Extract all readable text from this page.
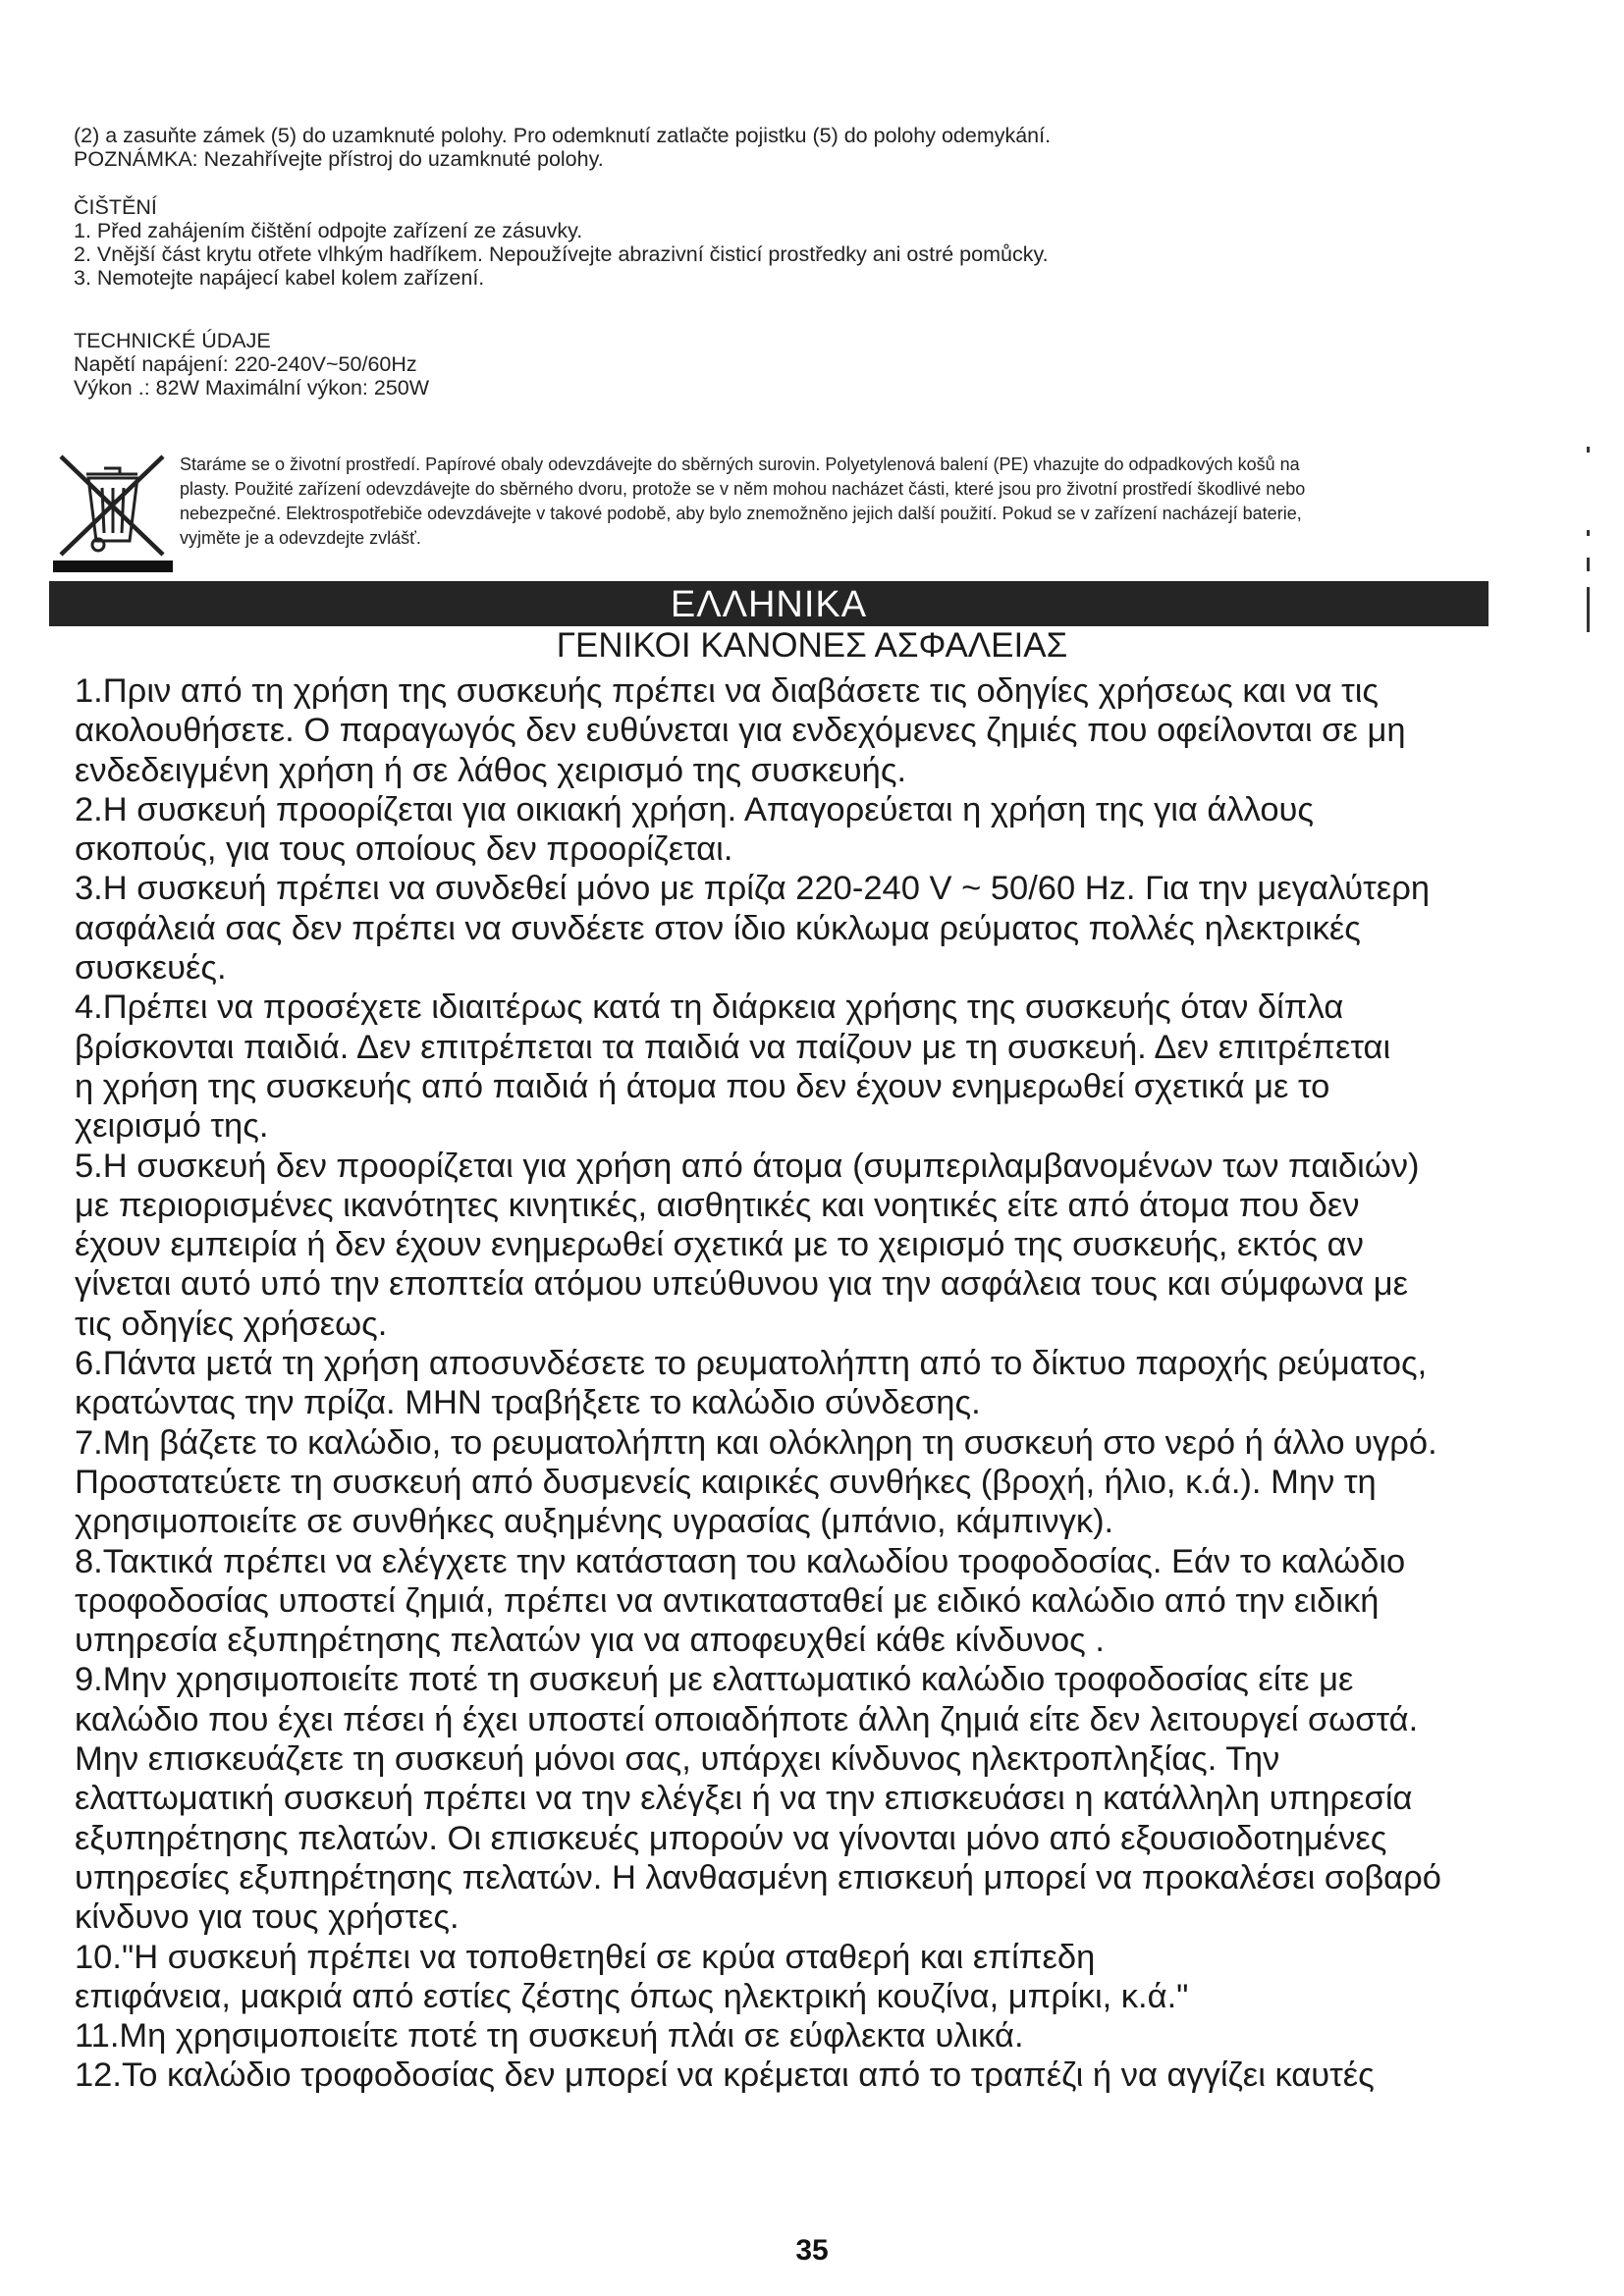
(2) a zasuňte zámek (5) do uzamknuté polohy. Pro odemknutí zatlačte pojistku (5) do polohy odemykání.

POZNÁMKA: Nezahřívejte přístroj do uzamknuté polohy.

ČIŠTĚNÍ

1. Před zahájením čištění odpojte zařízení ze zásuvky.

2. Vnější část krytu otřete vlhkým hadříkem. Nepoužívejte abrazivní čisticí prostředky ani ostré pomůcky.

3. Nemotejte napájecí kabel kolem zařízení.

TECHNICKÉ ÚDAJE

Napětí napájení: 220-240V~50/60Hz

Výkon .: 82W Maximální výkon: 250W

Staráme se o životní prostředí. Papírové obaly odevzdávejte do sběrných surovin. Polyetylenová balení (PE) vhazujte do odpadkových košů na

plasty. Použité zařízení odevzdávejte do sběrného dvoru, protože se v něm mohou nacházet části, které jsou pro životní prostředí škodlivé nebo

nebezpečné. Elektrospotřebiče odevzdávejte v takové podobě, aby bylo znemožněno jejich další použití. Pokud se v zařízení nacházejí baterie,

vyjměte je a odevzdejte zvlášť.

ΕΛΛΗΝΙΚΑ
ΓΕΝΙΚΟΙ ΚΑΝΟΝΕΣ ΑΣΦΑΛΕΙΑΣ

1.Πριν από τη χρήση της συσκευής πρέπει να διαβάσετε τις οδηγίες χρήσεως και να τις

ακολουθήσετε. Ο παραγωγός δεν ευθύνεται για ενδεχόμενες ζημιές που οφείλονται σε μη

ενδεδειγμένη χρήση ή σε λάθος χειρισμό της συσκευής.

2.Η συσκευή προορίζεται για οικιακή χρήση. Απαγορεύεται η χρήση της για άλλους

σκοπούς, για τους οποίους δεν προορίζεται.

3.Η συσκευή πρέπει να συνδεθεί μόνο με πρίζα 220-240 V ~ 50/60 Hz. Για την μεγαλύτερη

ασφάλειά σας δεν πρέπει να συνδέετε στον ίδιο κύκλωμα ρεύματος πολλές ηλεκτρικές

συσκευές.

4.Πρέπει να προσέχετε ιδιαιτέρως κατά τη διάρκεια χρήσης της συσκευής όταν δίπλα

βρίσκονται παιδιά. Δεν επιτρέπεται τα παιδιά να παίζουν με τη συσκευή. Δεν επιτρέπεται

η χρήση της συσκευής από παιδιά ή άτομα που δεν έχουν ενημερωθεί σχετικά με το

χειρισμό της.

5.Η συσκευή δεν προορίζεται για χρήση από άτομα (συμπεριλαμβανομένων των παιδιών)

με περιορισμένες ικανότητες κινητικές, αισθητικές και νοητικές είτε από άτομα που δεν

έχουν εμπειρία ή δεν έχουν ενημερωθεί σχετικά με το χειρισμό της συσκευής, εκτός αν

γίνεται αυτό υπό την εποπτεία ατόμου υπεύθυνου για την ασφάλεια τους και σύμφωνα με

τις οδηγίες χρήσεως.

6.Πάντα μετά τη χρήση αποσυνδέσετε το ρευματολήπτη από το δίκτυο παροχής ρεύματος,

κρατώντας την πρίζα. ΜΗΝ τραβήξετε το καλώδιο σύνδεσης.

7.Μη βάζετε το καλώδιο, το ρευματολήπτη και ολόκληρη τη συσκευή στο νερό ή άλλο υγρό.

Προστατεύετε τη συσκευή από δυσμενείς καιρικές συνθήκες (βροχή, ήλιο, κ.ά.). Μην τη

χρησιμοποιείτε σε συνθήκες αυξημένης υγρασίας (μπάνιο, κάμπινγκ).

8.Τακτικά πρέπει να ελέγχετε την κατάσταση του καλωδίου τροφοδοσίας. Εάν το καλώδιο

τροφοδοσίας υποστεί ζημιά, πρέπει να αντικατασταθεί με ειδικό καλώδιο από την ειδική

υπηρεσία εξυπηρέτησης πελατών για να αποφευχθεί κάθε κίνδυνος .

9.Μην χρησιμοποιείτε ποτέ τη συσκευή με ελαττωματικό καλώδιο τροφοδοσίας είτε με

καλώδιο που έχει πέσει ή έχει υποστεί οποιαδήποτε άλλη ζημιά είτε δεν λειτουργεί σωστά.

Μην επισκευάζετε τη συσκευή μόνοι σας, υπάρχει κίνδυνος ηλεκτροπληξίας. Την

ελαττωματική συσκευή πρέπει να την ελέγξει ή να την επισκευάσει η κατάλληλη υπηρεσία

εξυπηρέτησης πελατών. Οι επισκευές μπορούν να γίνονται μόνο από εξουσιοδοτημένες

υπηρεσίες εξυπηρέτησης πελατών. Η λανθασμένη επισκευή μπορεί να προκαλέσει σοβαρό

κίνδυνο για τους χρήστες.

10."Η συσκευή πρέπει να τοποθετηθεί σε κρύα σταθερή και επίπεδη

επιφάνεια, μακριά από εστίες ζέστης όπως ηλεκτρική κουζίνα, μπρίκι, κ.ά."

11.Μη χρησιμοποιείτε ποτέ τη συσκευή πλάι σε εύφλεκτα υλικά.

12.Το καλώδιο τροφοδοσίας δεν μπορεί να κρέμεται από το τραπέζι ή να αγγίζει καυτές

35
